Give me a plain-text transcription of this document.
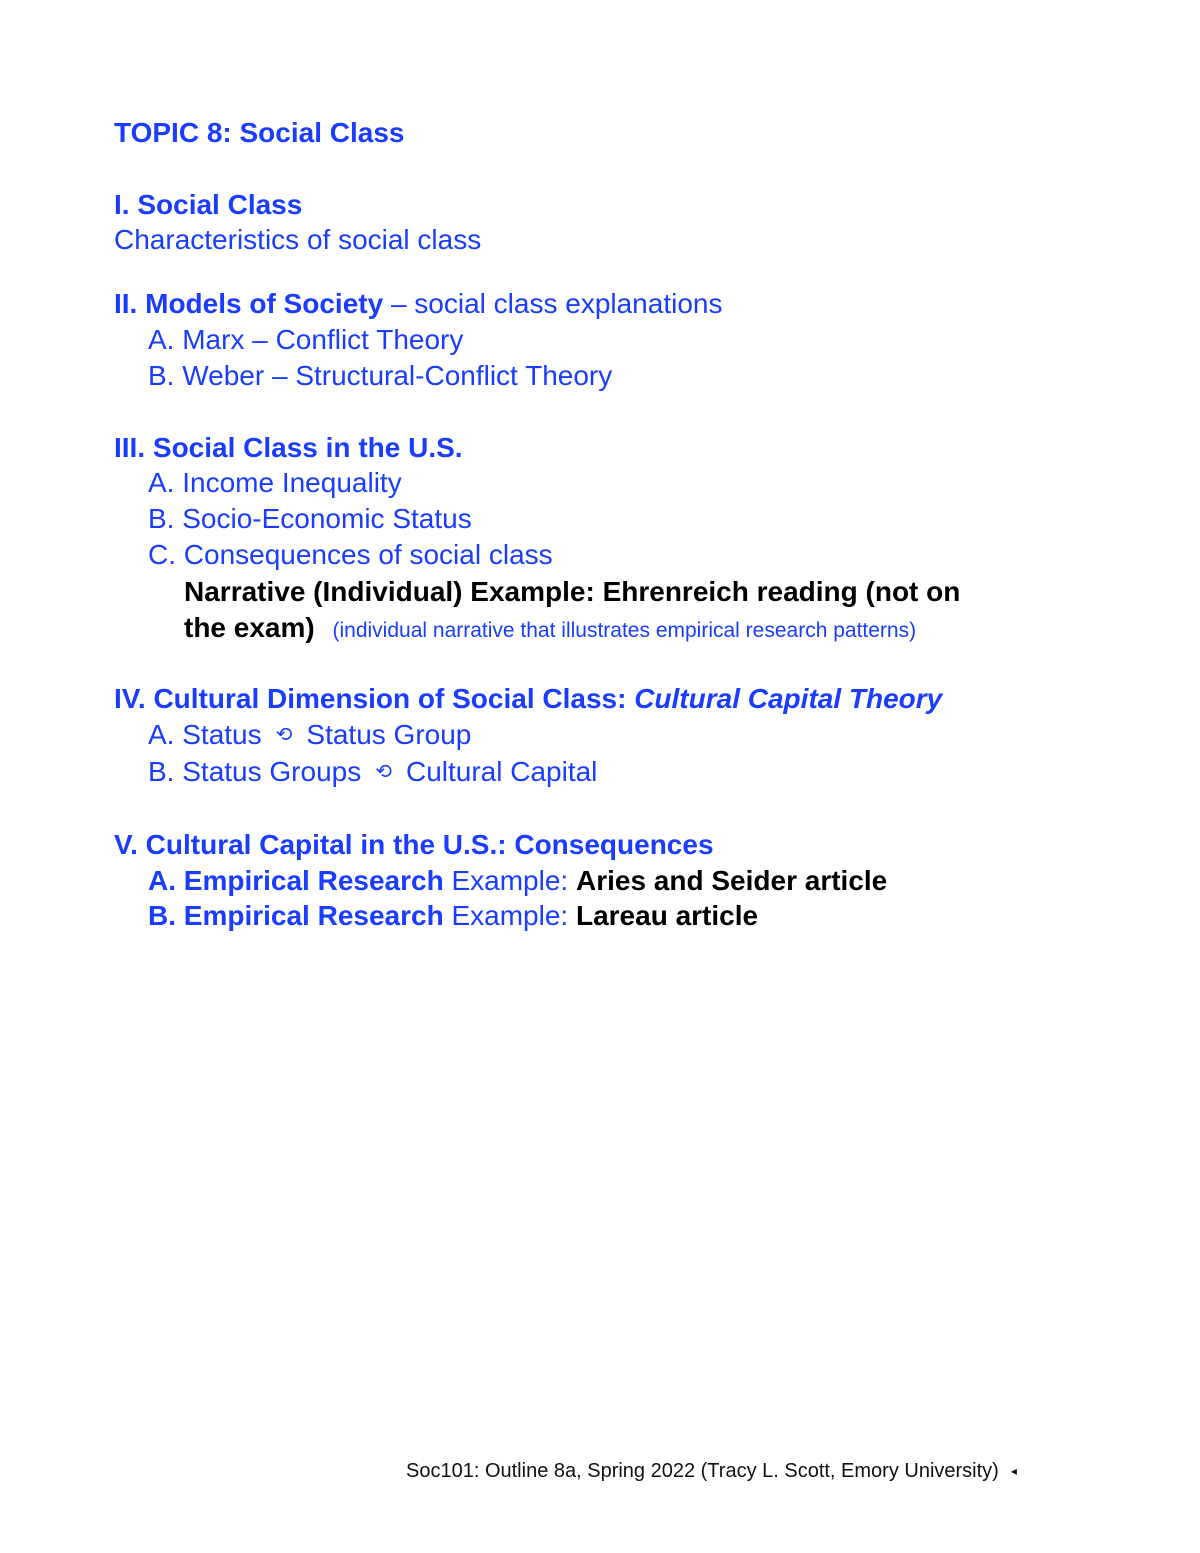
TOPIC 8: Social Class
I. Social Class
Characteristics of social class
II. Models of Society – social class explanations
A. Marx – Conflict Theory
B. Weber – Structural-Conflict Theory
III. Social Class in the U.S.
A. Income Inequality
B. Socio-Economic Status
C. Consequences of social class
Narrative (Individual) Example: Ehrenreich reading (not on
the exam) (individual narrative that illustrates empirical research patterns)
IV. Cultural Dimension of Social Class: Cultural Capital Theory
A. Status ⟲ Status Group
B. Status Groups ⟲ Cultural Capital
V. Cultural Capital in the U.S.: Consequences
A. Empirical Research Example: Aries and Seider article
B. Empirical Research Example: Lareau article
Soc101: Outline 8a, Spring 2022 (Tracy L. Scott, Emory University) ◂
